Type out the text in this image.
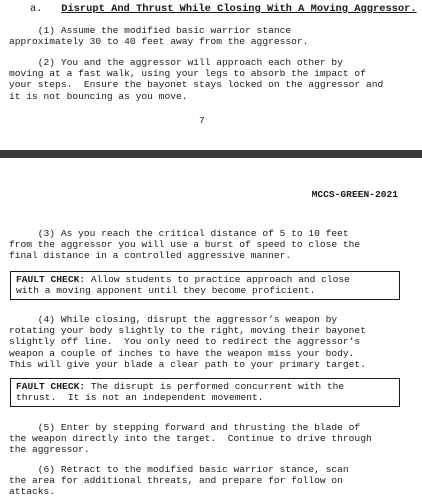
a. Disrupt And Thrust While Closing With A Moving Aggressor.
(1) Assume the modified basic warrior stance
approximately 30 to 40 feet away from the aggressor.
(2) You and the aggressor will approach each other by
moving at a fast walk, using your legs to absorb the impact of
your steps.  Ensure the bayonet stays locked on the aggressor and
it is not bouncing as you move.
7
MCCS-GREEN-2021
(3) As you reach the critical distance of 5 to 10 feet
from the aggressor you will use a burst of speed to close the
final distance in a controlled aggressive manner.
FAULT CHECK: Allow students to practice approach and close
with a moving apponent until they become proficient.
(4) While closing, disrupt the aggressor’s weapon by
rotating your body slightly to the right, moving their bayonet
slightly off line.  You only need to redirect the aggressor’s
weapon a couple of inches to have the weapon miss your body.
This will give your blade a clear path to your primary target.
FAULT CHECK: The disrupt is performed concurrent with the
thrust.  It is not an independent movement.
(5) Enter by stepping forward and thrusting the blade of
the weapon directly into the target.  Continue to drive through
the aggressor.
(6) Retract to the modified basic warrior stance, scan
the area for additional threats, and prepare for follow on
attacks.
